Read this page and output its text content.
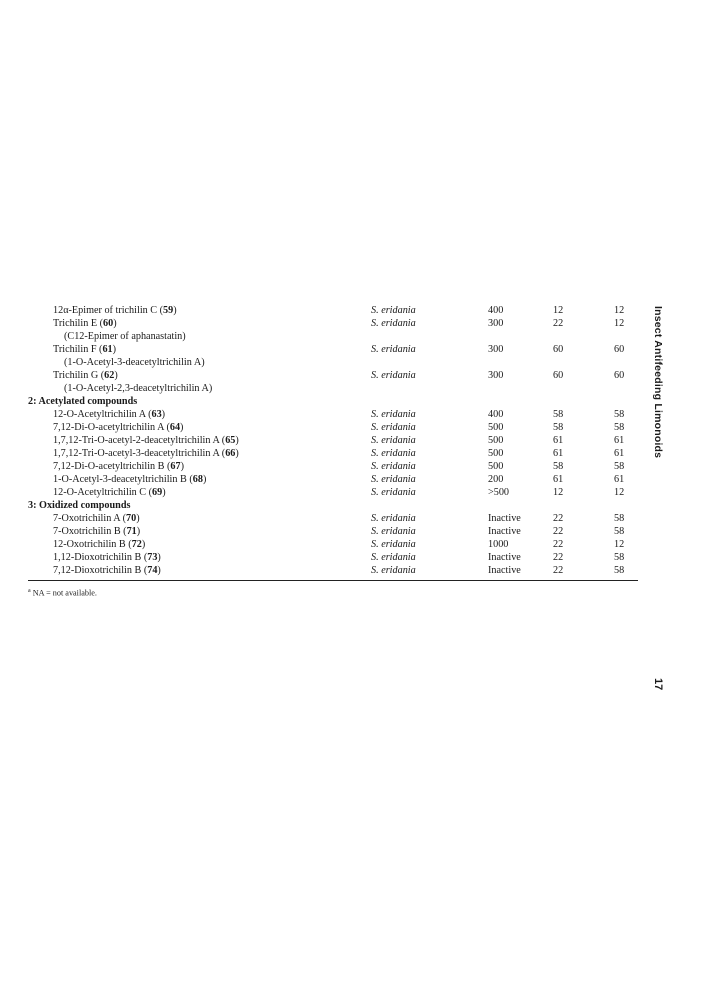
12α-Epimer of trichilin C (59)	S. eridania	400	12	12
Trichilin E (60)	S. eridania	300	22	12
(C12-Epimer of aphanastatin)
Trichilin F (61)	S. eridania	300	60	60
(1-O-Acetyl-3-deacetyltrichilin A)
Trichilin G (62)	S. eridania	300	60	60
(1-O-Acetyl-2,3-deacetyltrichilin A)
2: Acetylated compounds
12-O-Acetyltrichilin A (63)	S. eridania	400	58	58
7,12-Di-O-acetyltrichilin A (64)	S. eridania	500	58	58
1,7,12-Tri-O-acetyl-2-deacetyltrichilin A (65)	S. eridania	500	61	61
1,7,12-Tri-O-acetyl-3-deacetyltrichilin A (66)	S. eridania	500	61	61
7,12-Di-O-acetyltrichilin B (67)	S. eridania	500	58	58
1-O-Acetyl-3-deacetyltrichilin B (68)	S. eridania	200	61	61
12-O-Acetyltrichilin C (69)	S. eridania	>500	12	12
3: Oxidized compounds
7-Oxotrichilin A (70)	S. eridania	Inactive	22	58
7-Oxotrichilin B (71)	S. eridania	Inactive	22	58
12-Oxotrichilin B (72)	S. eridania	1000	22	12
1,12-Dioxotrichilin B (73)	S. eridania	Inactive	22	58
7,12-Dioxotrichilin B (74)	S. eridania	Inactive	22	58
$^a$ NA = not available.
Insect Antifeeding Limonoids
17
